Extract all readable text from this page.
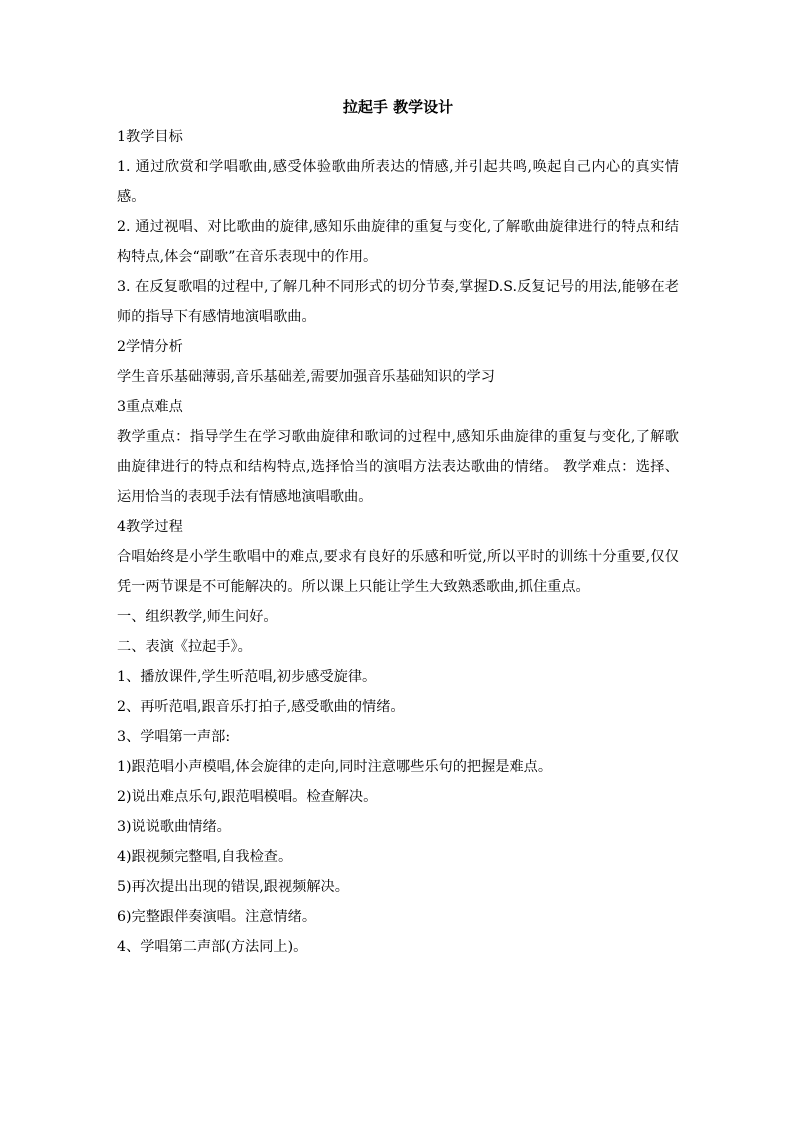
拉起手 教学设计

1教学目标

1. 通过欣赏和学唱歌曲,感受体验歌曲所表达的情感,并引起共鸣,唤起自己内心的真实情感。

2. 通过视唱、对比歌曲的旋律,感知乐曲旋律的重复与变化,了解歌曲旋律进行的特点和结构特点,体会“副歌”在音乐表现中的作用。

3. 在反复歌唱的过程中,了解几种不同形式的切分节奏,掌握D.S.反复记号的用法,能够在老师的指导下有感情地演唱歌曲。

2学情分析

学生音乐基础薄弱,音乐基础差,需要加强音乐基础知识的学习

3重点难点

教学重点：指导学生在学习歌曲旋律和歌词的过程中,感知乐曲旋律的重复与变化,了解歌曲旋律进行的特点和结构特点,选择恰当的演唱方法表达歌曲的情绪。 教学难点：选择、运用恰当的表现手法有情感地演唱歌曲。

4教学过程

合唱始终是小学生歌唱中的难点,要求有良好的乐感和听觉,所以平时的训练十分重要,仅仅凭一两节课是不可能解决的。所以课上只能让学生大致熟悉歌曲,抓住重点。

一、组织教学,师生问好。

二、表演《拉起手》。

1、播放课件,学生听范唱,初步感受旋律。

2、再听范唱,跟音乐打拍子,感受歌曲的情绪。

3、学唱第一声部:

1)跟范唱小声模唱,体会旋律的走向,同时注意哪些乐句的把握是难点。

2)说出难点乐句,跟范唱模唱。检查解决。

3)说说歌曲情绪。

4)跟视频完整唱,自我检查。

5)再次提出出现的错误,跟视频解决。

6)完整跟伴奏演唱。注意情绪。

4、学唱第二声部(方法同上)。
